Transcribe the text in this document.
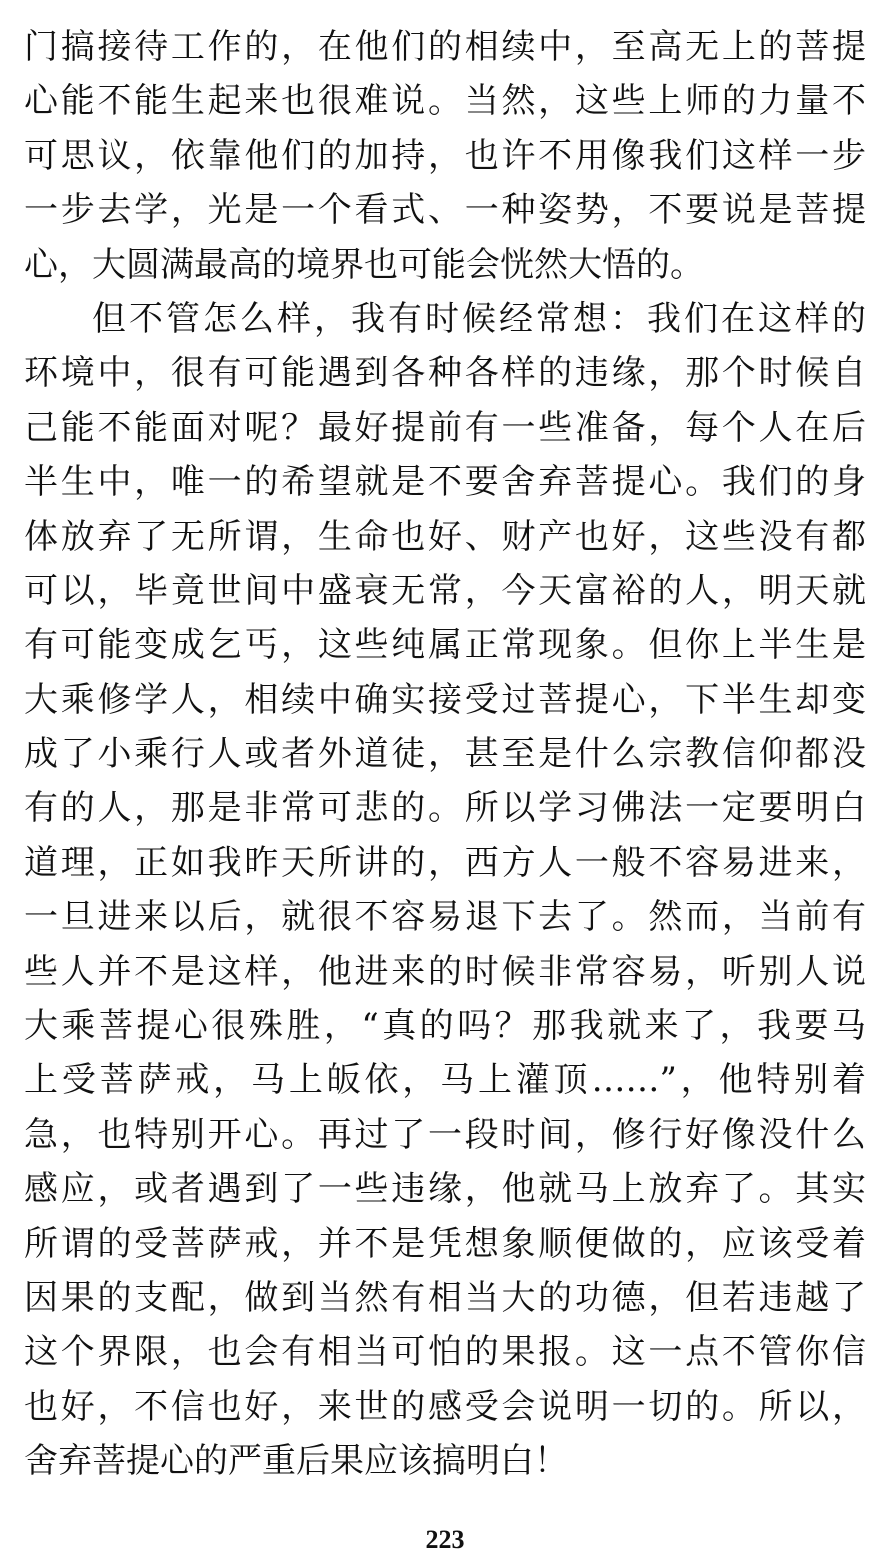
门搞接待工作的，在他们的相续中，至高无上的菩提
心能不能生起来也很难说。当然，这些上师的力量不
可思议，依靠他们的加持，也许不用像我们这样一步
一步去学，光是一个看式、一种姿势，不要说是菩提
心，大圆满最高的境界也可能会恍然大悟的。
但不管怎么样，我有时候经常想：我们在这样的
环境中，很有可能遇到各种各样的违缘，那个时候自
己能不能面对呢？最好提前有一些准备，每个人在后
半生中，唯一的希望就是不要舍弃菩提心。我们的身
体放弃了无所谓，生命也好、财产也好，这些没有都
可以，毕竟世间中盛衰无常，今天富裕的人，明天就
有可能变成乞丐，这些纯属正常现象。但你上半生是
大乘修学人，相续中确实接受过菩提心，下半生却变
成了小乘行人或者外道徒，甚至是什么宗教信仰都没
有的人，那是非常可悲的。所以学习佛法一定要明白
道理，正如我昨天所讲的，西方人一般不容易进来，
一旦进来以后，就很不容易退下去了。然而，当前有
些人并不是这样，他进来的时候非常容易，听别人说
大乘菩提心很殊胜，“真的吗？那我就来了，我要马
上受菩萨戒，马上皈依，马上灌顶……”，他特别着
急，也特别开心。再过了一段时间，修行好像没什么
感应，或者遇到了一些违缘，他就马上放弃了。其实
所谓的受菩萨戒，并不是凭想象顺便做的，应该受着
因果的支配，做到当然有相当大的功德，但若违越了
这个界限，也会有相当可怕的果报。这一点不管你信
也好，不信也好，来世的感受会说明一切的。所以，
舍弃菩提心的严重后果应该搞明白！
223
